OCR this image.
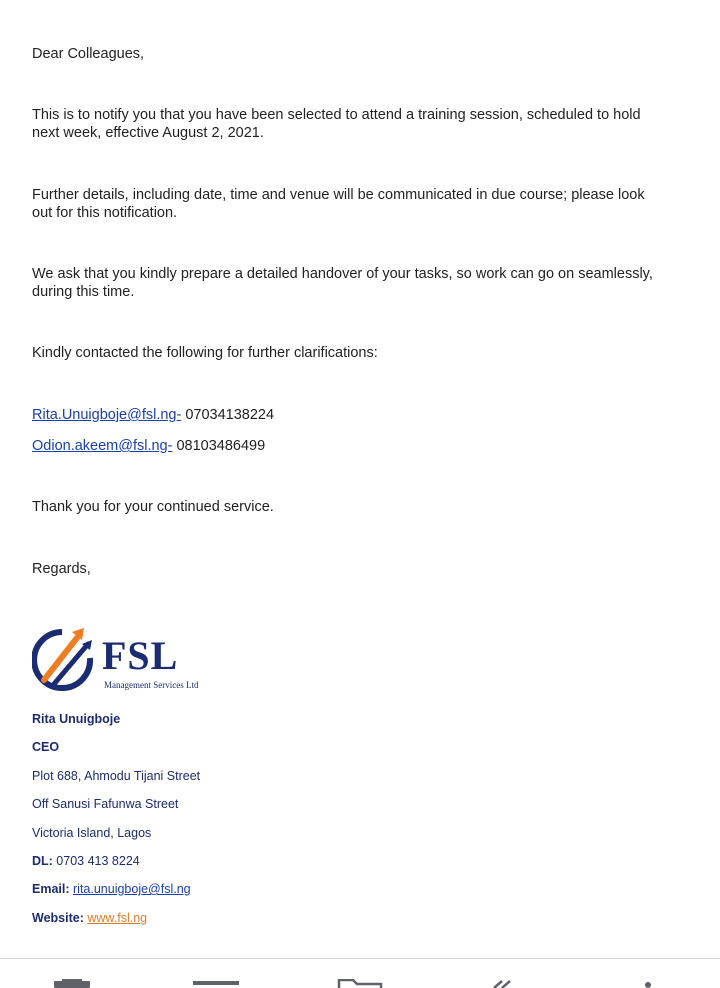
Dear Colleagues,

This is to notify you that you have been selected to attend a training session, scheduled to hold

next week, effective August 2, 2021.

Further details, including date, time and venue will be communicated in due course; please look

out for this notification.

We ask that you kindly prepare a detailed handover of your tasks, so work can go on seamlessly,

during this time.

Kindly contacted the following for further clarifications:

Rita.Unuigboje@fsl.ng- 07034138224

Odion.akeem@fsl.ng- 08103486499

Thank you for your continued service.

Regards,

FSL
Management Services Ltd
Rita Unuigboje
CEO
Plot 688, Ahmodu Tijani Street
Off Sanusi Fafunwa Street
Victoria Island, Lagos
DL: 0703 413 8224
Email: rita.unuigboje@fsl.ng
Website: www.fsl.ng
